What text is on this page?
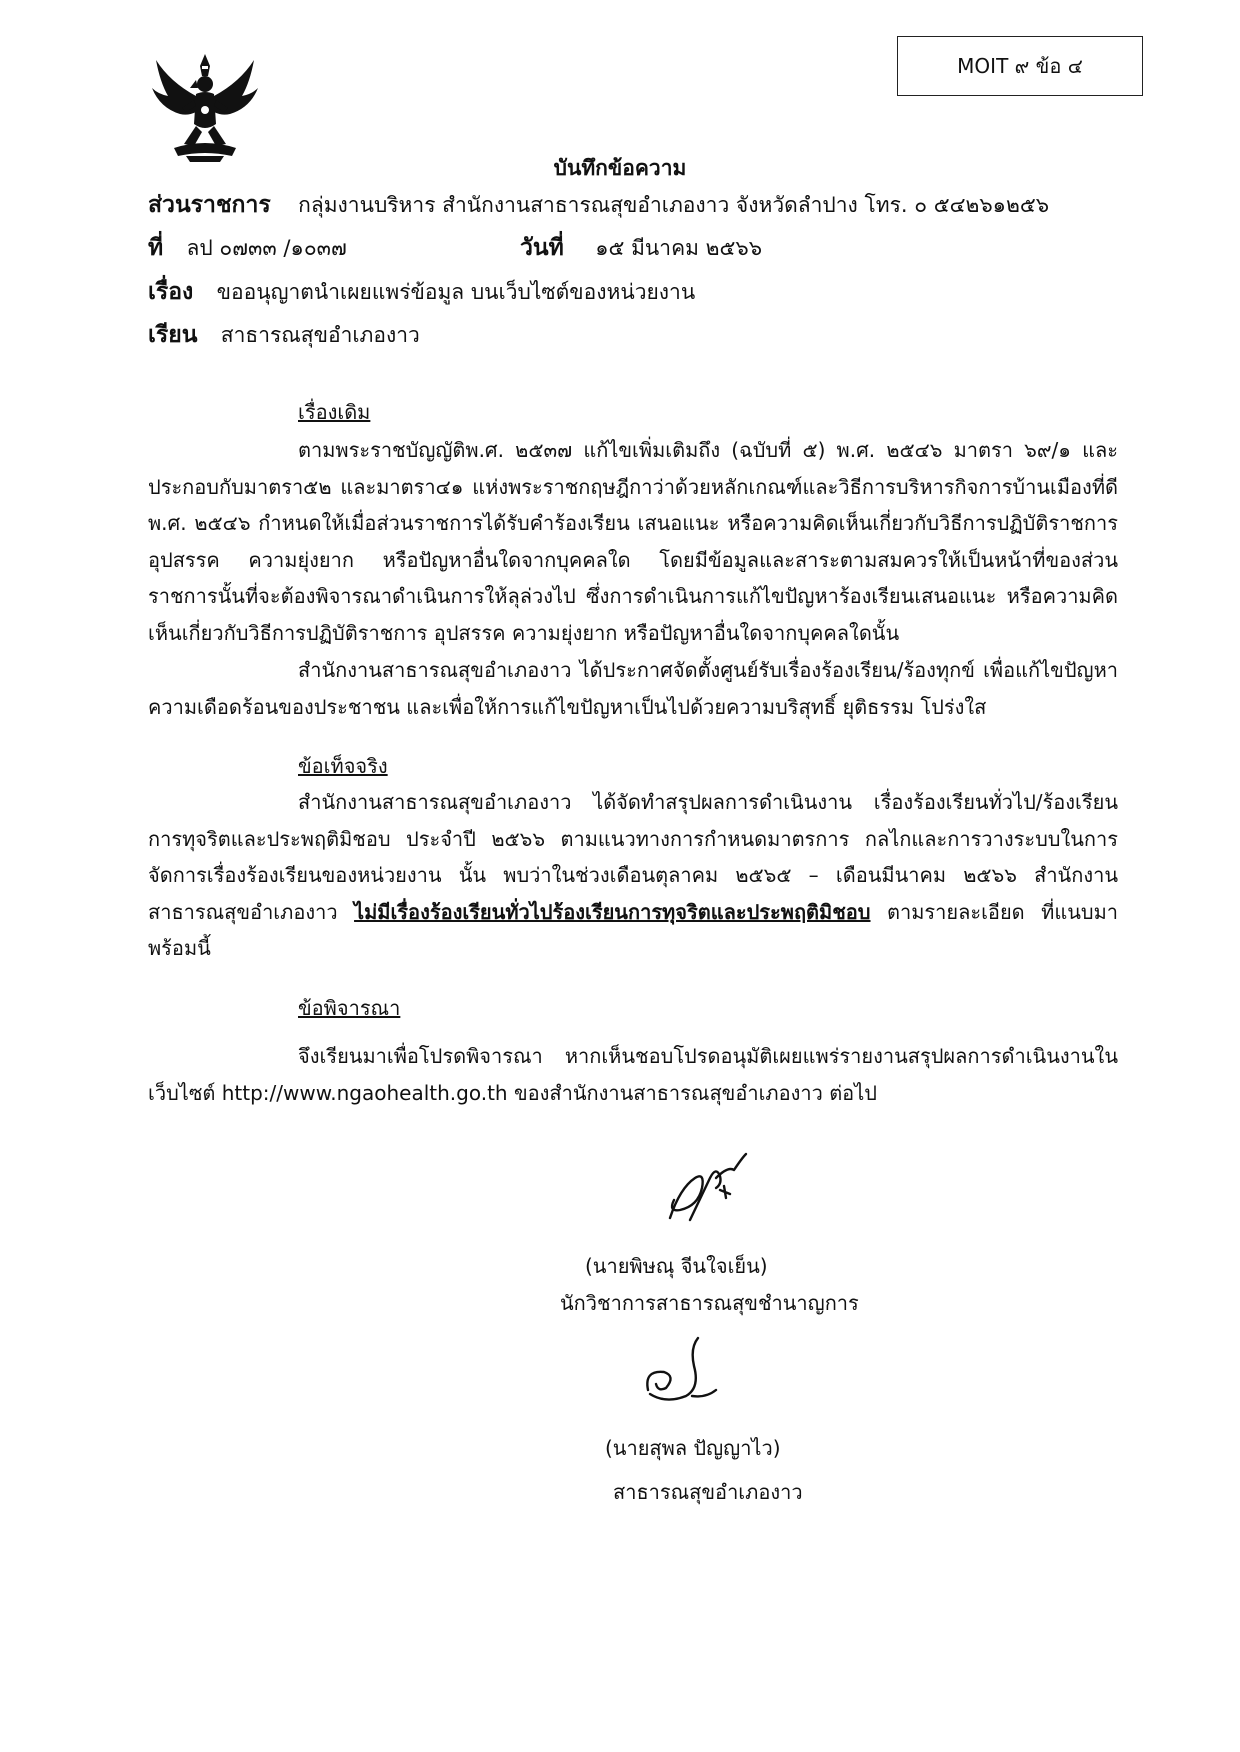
MOIT ๙ ข้อ ๔
บันทึกข้อความ
ส่วนราชการ กลุ่มงานบริหาร สำนักงานสาธารณสุขอำเภองาว จังหวัดลำปาง โทร. ๐ ๕๔๒๖๑๒๕๖
ที่ ลป ๐๗๓๓ /๑๐๓๗	วันที่ ๑๕ มีนาคม ๒๕๖๖
เรื่อง ขออนุญาตนำเผยแพร่ข้อมูล บนเว็บไซต์ของหน่วยงาน
เรียน สาธารณสุขอำเภองาว
เรื่องเดิม

ตามพระราชบัญญัติพ.ศ. ๒๕๓๗ แก้ไขเพิ่มเติมถึง (ฉบับที่ ๕) พ.ศ. ๒๕๔๖ มาตรา ๖๙/๑ และประกอบกับมาตรา๕๒ และมาตรา๔๑ แห่งพระราชกฤษฎีกาว่าด้วยหลักเกณฑ์และวิธีการบริหารกิจการบ้านเมืองที่ดี พ.ศ. ๒๕๔๖ กำหนดให้เมื่อส่วนราชการได้รับคำร้องเรียน เสนอแนะ หรือความคิดเห็นเกี่ยวกับวิธีการปฏิบัติราชการ อุปสรรค ความยุ่งยาก หรือปัญหาอื่นใดจากบุคคลใด โดยมีข้อมูลและสาระตามสมควรให้เป็นหน้าที่ของส่วนราชการนั้นที่จะต้องพิจารณาดำเนินการให้ลุล่วงไป ซึ่งการดำเนินการแก้ไขปัญหาร้องเรียนเสนอแนะ หรือความคิดเห็นเกี่ยวกับวิธีการปฏิบัติราชการ อุปสรรค ความยุ่งยาก หรือปัญหาอื่นใดจากบุคคลใดนั้น

สำนักงานสาธารณสุขอำเภองาว ได้ประกาศจัดตั้งศูนย์รับเรื่องร้องเรียน/ร้องทุกข์ เพื่อแก้ไขปัญหาความเดือดร้อนของประชาชน และเพื่อให้การแก้ไขปัญหาเป็นไปด้วยความบริสุทธิ์ ยุติธรรม โปร่งใส

ข้อเท็จจริง

สำนักงานสาธารณสุขอำเภองาว ได้จัดทำสรุปผลการดำเนินงาน เรื่องร้องเรียนทั่วไป/ร้องเรียนการทุจริตและประพฤติมิชอบ ประจำปี ๒๕๖๖ ตามแนวทางการกำหนดมาตรการ กลไกและการวางระบบในการจัดการเรื่องร้องเรียนของหน่วยงาน นั้น พบว่าในช่วงเดือนตุลาคม ๒๕๖๕ – เดือนมีนาคม ๒๕๖๖ สำนักงานสาธารณสุขอำเภองาว ไม่มีเรื่องร้องเรียนทั่วไปร้องเรียนการทุจริตและประพฤติมิชอบ ตามรายละเอียด ที่แนบมาพร้อมนี้

ข้อพิจารณา

จึงเรียนมาเพื่อโปรดพิจารณา หากเห็นชอบโปรดอนุมัติเผยแพร่รายงานสรุปผลการดำเนินงานในเว็บไซต์ http://www.ngaohealth.go.th ของสำนักงานสาธารณสุขอำเภองาว ต่อไป

(นายพิษณุ จีนใจเย็น)
นักวิชาการสาธารณสุขชำนาญการ
(นายสุพล ปัญญาไว)
สาธารณสุขอำเภองาว
